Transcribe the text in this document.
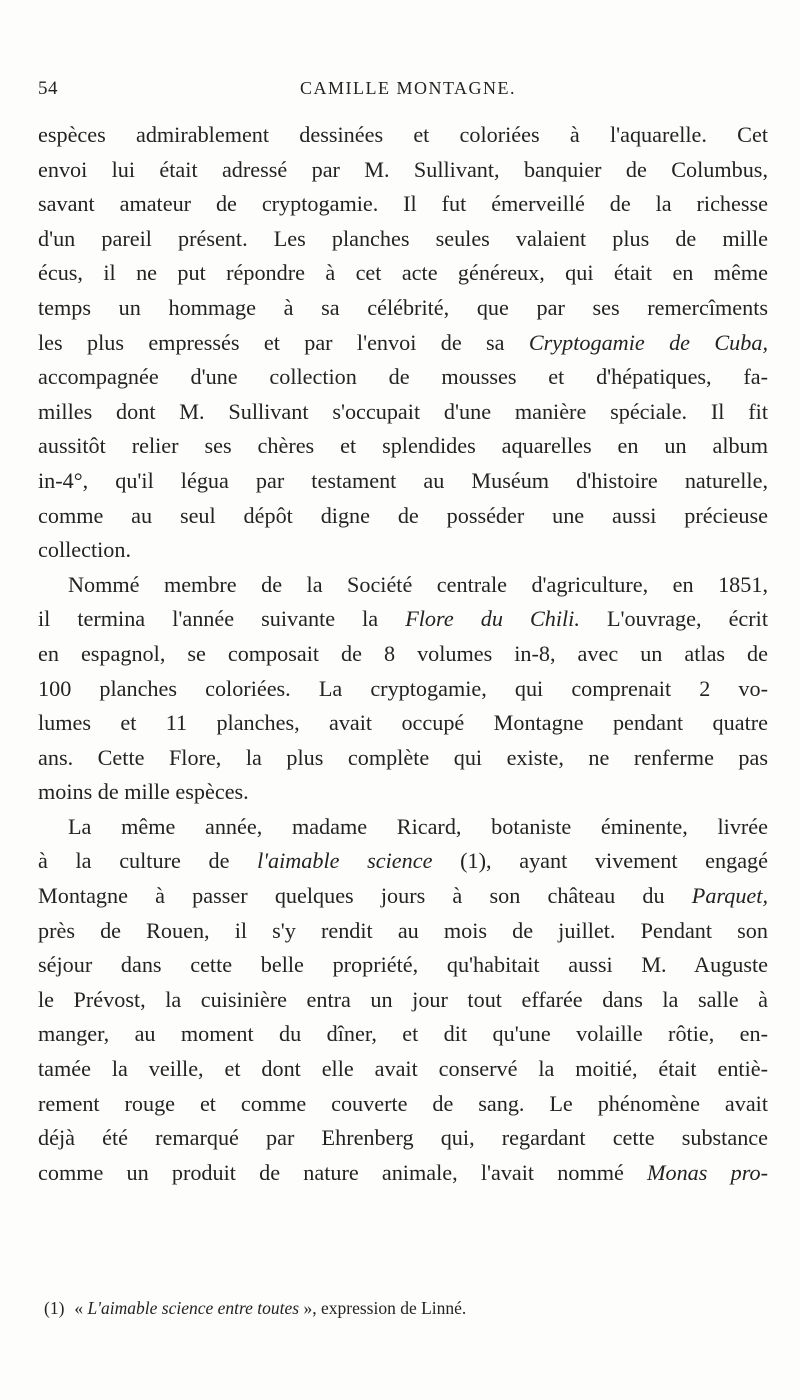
54	CAMILLE MONTAGNE.
espèces admirablement dessinées et coloriées à l'aquarelle. Cet
envoi lui était adressé par M. Sullivant, banquier de Columbus,
savant amateur de cryptogamie. Il fut émerveillé de la richesse
d'un pareil présent. Les planches seules valaient plus de mille
écus, il ne put répondre à cet acte généreux, qui était en même
temps un hommage à sa célébrité, que par ses remercîments
les plus empressés et par l'envoi de sa Cryptogamie de Cuba,
accompagnée d'une collection de mousses et d'hépatiques, fa-
milles dont M. Sullivant s'occupait d'une manière spéciale. Il fit
aussitôt relier ses chères et splendides aquarelles en un album
in-4°, qu'il légua par testament au Muséum d'histoire naturelle,
comme au seul dépôt digne de posséder une aussi précieuse
collection.
Nommé membre de la Société centrale d'agriculture, en 1851,
il termina l'année suivante la Flore du Chili. L'ouvrage, écrit
en espagnol, se composait de 8 volumes in-8, avec un atlas de
100 planches coloriées. La cryptogamie, qui comprenait 2 vo-
lumes et 11 planches, avait occupé Montagne pendant quatre
ans. Cette Flore, la plus complète qui existe, ne renferme pas
moins de mille espèces.
La même année, madame Ricard, botaniste éminente, livrée
à la culture de l'aimable science (1), ayant vivement engagé
Montagne à passer quelques jours à son château du Parquet,
près de Rouen, il s'y rendit au mois de juillet. Pendant son
séjour dans cette belle propriété, qu'habitait aussi M. Auguste
le Prévost, la cuisinière entra un jour tout effarée dans la salle à
manger, au moment du dîner, et dit qu'une volaille rôtie, en-
tamée la veille, et dont elle avait conservé la moitié, était entiè-
rement rouge et comme couverte de sang. Le phénomène avait
déjà été remarqué par Ehrenberg qui, regardant cette substance
comme un produit de nature animale, l'avait nommé Monas pro-
(1) « L'aimable science entre toutes », expression de Linné.
